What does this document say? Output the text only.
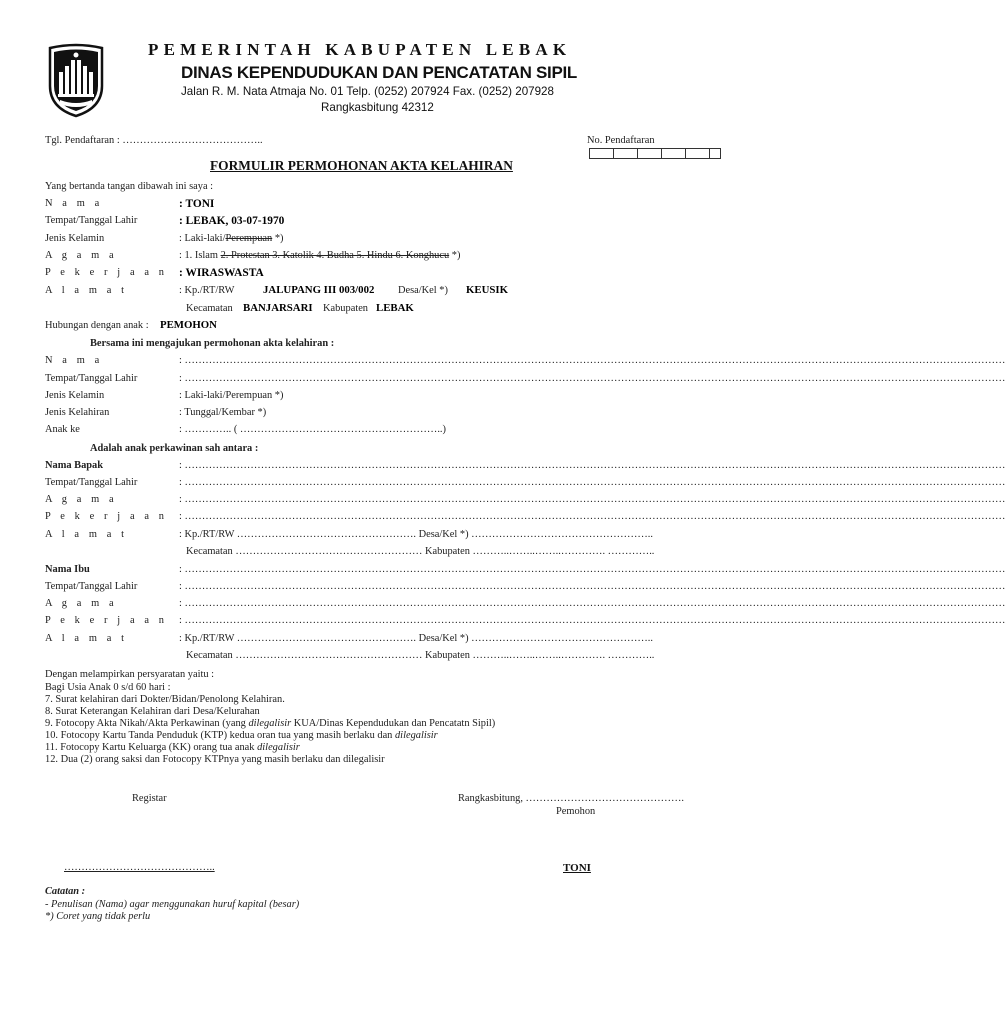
PEMERINTAH KABUPATEN LEBAK
DINAS KEPENDUDUKAN DAN PENCATATAN SIPIL
Jalan R. M. Nata Atmaja No. 01 Telp. (0252) 207924 Fax. (0252) 207928
Rangkasbitung 42312
Tgl. Pendaftaran : …………………………………..	No. Pendaftaran
FORMULIR PERMOHONAN AKTA KELAHIRAN
Yang bertanda tangan dibawah ini saya :
N a m a	: TONI
Tempat/Tanggal Lahir	: LEBAK, 03-07-1970
Jenis Kelamin	: Laki-laki/Perempuan *)
A g a m a	: 1. Islam 2. Protestan 3. Katolik 4. Budha 5. Hindu 6. Konghucu *)
P e k e r j a a n : WIRASWASTA
A l a m a t	: Kp./RT/RW	JALUPANG III 003/002 Desa/Kel *) KEUSIK
Kecamatan BANJARSARI Kabupaten LEBAK
Hubungan dengan anak : PEMOHON
Bersama ini mengajukan permohonan akta kelahiran :
N a m a	: …………………………………………………………………………………………………………………………………………………………………………………………………………………
Tempat/Tanggal Lahir	: …………………………………………………………………………………………………………………………………………………………………………………………………………………
Jenis Kelamin	: Laki-laki/Perempuan *)
Jenis Kelahiran	: Tunggal/Kembar *)
Anak ke	: ………….. ( …………………………………………………..)
Adalah anak perkawinan sah antara :
Nama Bapak	: …………………………………………………………………………………………………………………………………………………………………………………………………………………
Tempat/Tanggal Lahir	: …………………………………………………………………………………………………………………………………………………………………………………………………………………
A g a m a	: …………………………………………………………………………………………………………………………………………………………………………………………………………………
P e k e r j a a n : …………………………………………………………………………………………………………………………………………………………………………………………………………………
A l a m a t	: Kp./RT/RW ……………………………………………. Desa/Kel *) ……………………………………………..
Kecamatan ……………………………………………… Kabupaten ………..……..……..…………. …………..
Nama Ibu	: …………………………………………………………………………………………………………………………………………………………………………………………………………………
Tempat/Tanggal Lahir	: …………………………………………………………………………………………………………………………………………………………………………………………………………………
A g a m a	: …………………………………………………………………………………………………………………………………………………………………………………………………………………
P e k e r j a a n : …………………………………………………………………………………………………………………………………………………………………………………………………………………
A l a m a t	: Kp./RT/RW ……………………………………………. Desa/Kel *) ……………………………………………..
Kecamatan ……………………………………………… Kabupaten ………..……..……..…………. …………..
Dengan melampirkan persyaratan yaitu :
Bagi Usia Anak 0 s/d 60 hari :
7. Surat kelahiran dari Dokter/Bidan/Penolong Kelahiran.
8. Surat Keterangan Kelahiran dari Desa/Kelurahan
9. Fotocopy Akta Nikah/Akta Perkawinan (yang dilegalisir KUA/Dinas Kependudukan dan Pencatatn Sipil)
10. Fotocopy Kartu Tanda Penduduk (KTP) kedua oran tua yang masih berlaku dan dilegalisir
11. Fotocopy Kartu Keluarga (KK) orang tua anak dilegalisir
12. Dua (2) orang saksi dan Fotocopy KTPnya yang masih berlaku dan dilegalisir
Registar	Rangkasbitung, ……………………………………….
Pemohon
……………………………………..	TONI
Catatan :
- Penulisan (Nama) agar menggunakan huruf kapital (besar)
*) Coret yang tidak perlu
